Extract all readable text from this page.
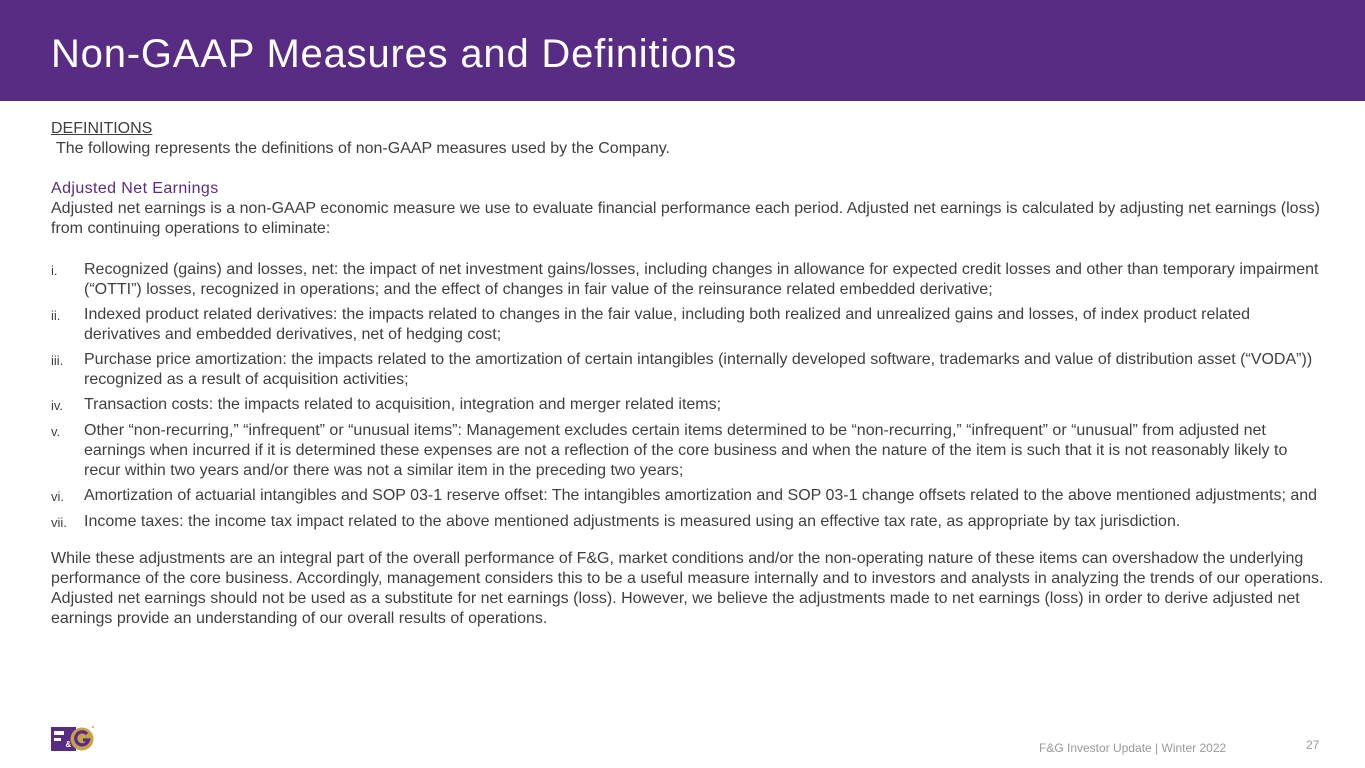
Non-GAAP Measures and Definitions
DEFINITIONS
The following represents the definitions of non-GAAP measures used by the Company.
Adjusted Net Earnings

Adjusted net earnings is a non-GAAP economic measure we use to evaluate financial performance each period. Adjusted net earnings is calculated by adjusting net earnings (loss) from continuing operations to eliminate:

i.	Recognized (gains) and losses, net: the impact of net investment gains/losses, including changes in allowance for expected credit losses and other than temporary impairment (“OTTI”) losses, recognized in operations; and the effect of changes in fair value of the reinsurance related embedded derivative;
ii.	Indexed product related derivatives: the impacts related to changes in the fair value, including both realized and unrealized gains and losses, of index product related derivatives and embedded derivatives, net of hedging cost;
iii.	Purchase price amortization: the impacts related to the amortization of certain intangibles (internally developed software, trademarks and value of distribution asset (“VODA”)) recognized as a result of acquisition activities;
iv.	Transaction costs: the impacts related to acquisition, integration and merger related items;
v.	Other “non-recurring,” “infrequent” or “unusual items”: Management excludes certain items determined to be “non-recurring,” “infrequent” or “unusual” from adjusted net earnings when incurred if it is determined these expenses are not a reflection of the core business and when the nature of the item is such that it is not reasonably likely to recur within two years and/or there was not a similar item in the preceding two years;
vi.	Amortization of actuarial intangibles and SOP 03-1 reserve offset: The intangibles amortization and SOP 03-1 change offsets related to the above mentioned adjustments; and
vii.	Income taxes: the income tax impact related to the above mentioned adjustments is measured using an effective tax rate, as appropriate by tax jurisdiction.

While these adjustments are an integral part of the overall performance of F&G, market conditions and/or the non-operating nature of these items can overshadow the underlying performance of the core business. Accordingly, management considers this to be a useful measure internally and to investors and analysts in analyzing the trends of our operations. Adjusted net earnings should not be used as a substitute for net earnings (loss). However, we believe the adjustments made to net earnings (loss) in order to derive adjusted net earnings provide an understanding of our overall results of operations.

&	F&G Investor Update | Winter 2022	27
